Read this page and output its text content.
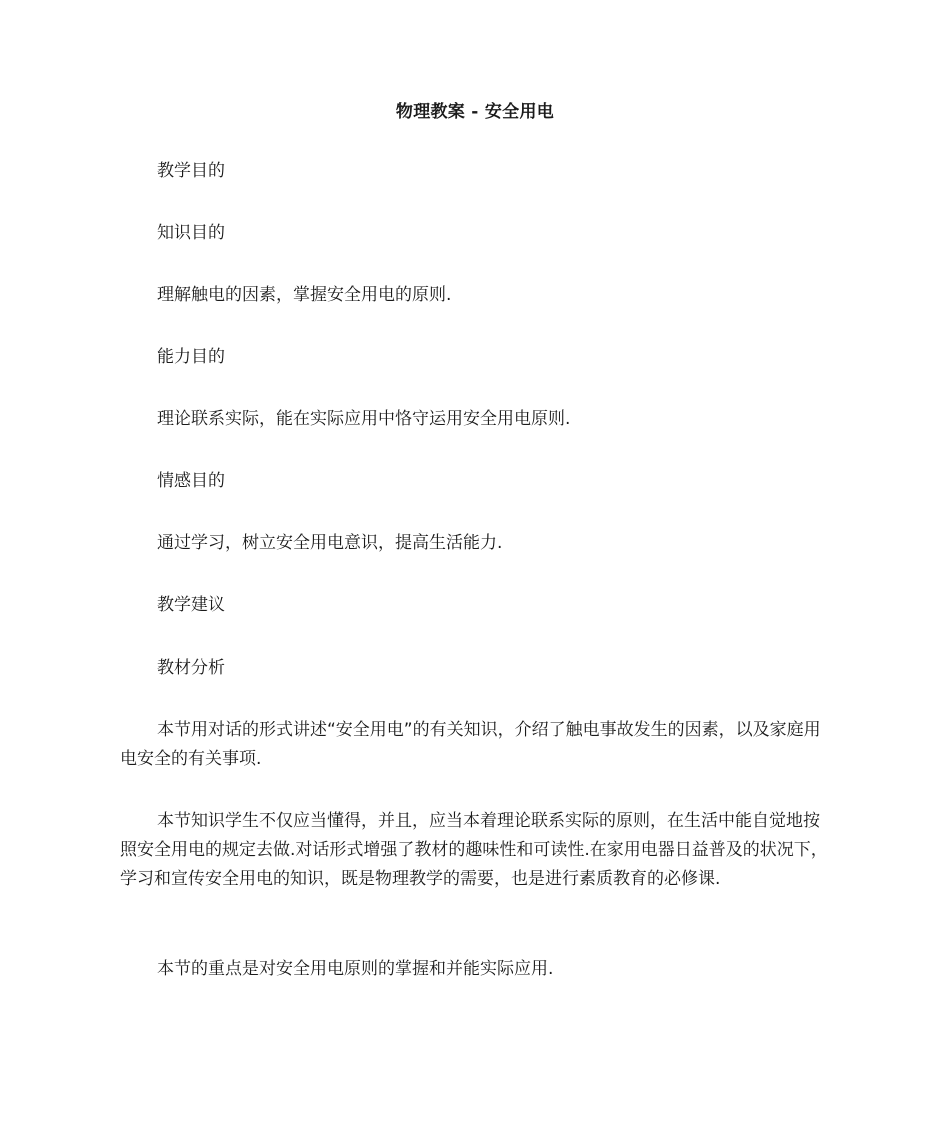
物理教案 - 安全用电

教学目的

知识目的

理解触电的因素，掌握安全用电的原则.

能力目的

理论联系实际，能在实际应用中恪守运用安全用电原则.

情感目的

通过学习，树立安全用电意识，提高生活能力.

教学建议

教材分析

本节用对话的形式讲述“安全用电”的有关知识，介绍了触电事故发生的因素，以及家庭用电安全的有关事项.

本节知识学生不仅应当懂得，并且，应当本着理论联系实际的原则，在生活中能自觉地按照安全用电的规定去做.对话形式增强了教材的趣味性和可读性.在家用电器日益普及的状况下，学习和宣传安全用电的知识，既是物理教学的需要，也是进行素质教育的必修课.

本节的重点是对安全用电原则的掌握和并能实际应用.
